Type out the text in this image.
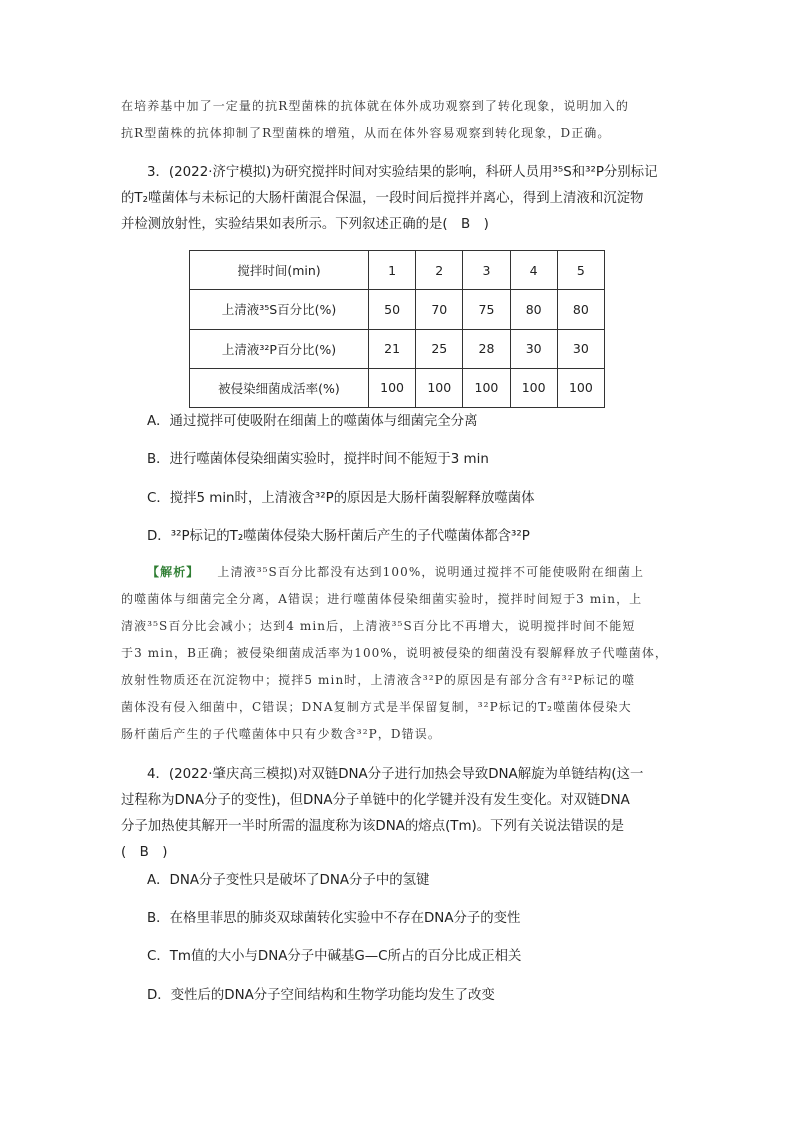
在培养基中加了一定量的抗R型菌株的抗体就在体外成功观察到了转化现象，说明加入的
抗R型菌株的抗体抑制了R型菌株的增殖，从而在体外容易观察到转化现象，D正确。
3．(2022·济宁模拟)为研究搅拌时间对实验结果的影响，科研人员用³⁵S和³²P分别标记
的T₂噬菌体与未标记的大肠杆菌混合保温，一段时间后搅拌并离心，得到上清液和沉淀物
并检测放射性，实验结果如表所示。下列叙述正确的是(　B　)
搅拌时间(min)	1	2	3	4	5
上清液³⁵S百分比(%)	50	70	75	80	80
上清液³²P百分比(%)	21	25	28	30	30
被侵染细菌成活率(%)	100	100	100	100	100
A．通过搅拌可使吸附在细菌上的噬菌体与细菌完全分离
B．进行噬菌体侵染细菌实验时，搅拌时间不能短于3 min
C．搅拌5 min时，上清液含³²P的原因是大肠杆菌裂解释放噬菌体
D．³²P标记的T₂噬菌体侵染大肠杆菌后产生的子代噬菌体都含³²P
【解析】 上清液³⁵S百分比都没有达到100%，说明通过搅拌不可能使吸附在细菌上
的噬菌体与细菌完全分离，A错误；进行噬菌体侵染细菌实验时，搅拌时间短于3 min，上
清液³⁵S百分比会减小；达到4 min后，上清液³⁵S百分比不再增大，说明搅拌时间不能短
于3 min，B正确；被侵染细菌成活率为100%，说明被侵染的细菌没有裂解释放子代噬菌体，
放射性物质还在沉淀物中；搅拌5 min时，上清液含³²P的原因是有部分含有³²P标记的噬
菌体没有侵入细菌中，C错误；DNA复制方式是半保留复制，³²P标记的T₂噬菌体侵染大
肠杆菌后产生的子代噬菌体中只有少数含³²P，D错误。
4．(2022·肇庆高三模拟)对双链DNA分子进行加热会导致DNA解旋为单链结构(这一
过程称为DNA分子的变性)，但DNA分子单链中的化学键并没有发生变化。对双链DNA
分子加热使其解开一半时所需的温度称为该DNA的熔点(Tm)。下列有关说法错误的是
(　B　)
A．DNA分子变性只是破坏了DNA分子中的氢键
B．在格里菲思的肺炎双球菌转化实验中不存在DNA分子的变性
C．Tm值的大小与DNA分子中碱基G—C所占的百分比成正相关
D．变性后的DNA分子空间结构和生物学功能均发生了改变
